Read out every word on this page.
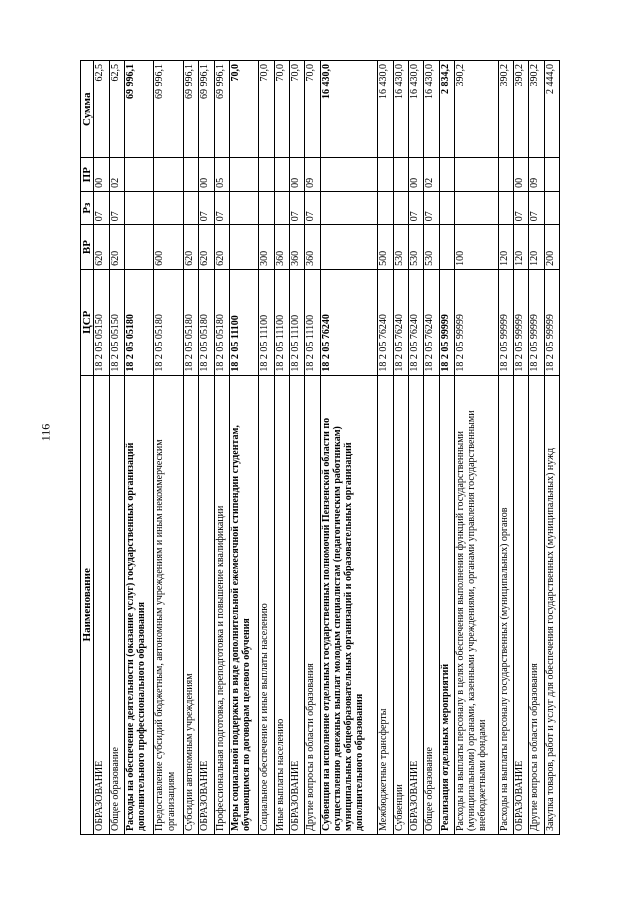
116
Наименование	ЦСР	ВР	Рз	ПР	Сумма
ОБРАЗОВАНИЕ	18 2 05 05150	620	07	00	62,5
Общее образование	18 2 05 05150	620	07	02	62,5
Расходы на обеспечение деятельности (оказание услуг) государственных организаций дополнительного профессионального образования	18 2 05 05180				69 996,1
Предоставление субсидий бюджетным, автономным учреждениям и иным некоммерческим организациям	18 2 05 05180	600			69 996,1
Субсидии автономным учреждениям	18 2 05 05180	620			69 996,1
ОБРАЗОВАНИЕ	18 2 05 05180	620	07	00	69 996,1
Профессиональная подготовка, переподготовка и повышение квалификации	18 2 05 05180	620	07	05	69 996,1
Меры социальной поддержки в виде дополнительной ежемесячной стипендии студентам, обучающимся по договорам целевого обучения	18 2 05 11100				70,0
Социальное обеспечение и иные выплаты населению	18 2 05 11100	300			70,0
Иные выплаты населению	18 2 05 11100	360			70,0
ОБРАЗОВАНИЕ	18 2 05 11100	360	07	00	70,0
Другие вопросы в области образования	18 2 05 11100	360	07	09	70,0
Субвенция на исполнение отдельных государственных полномочий Пензенской области по осуществлению денежных выплат молодым специалистам (педагогическим работникам) муниципальных общеобразовательных организаций и образовательных организаций дополнительного образования	18 2 05 76240				16 430,0
Межбюджетные трансферты	18 2 05 76240	500			16 430,0
Субвенции	18 2 05 76240	530			16 430,0
ОБРАЗОВАНИЕ	18 2 05 76240	530	07	00	16 430,0
Общее образование	18 2 05 76240	530	07	02	16 430,0
Реализация отдельных мероприятий	18 2 05 99999				2 834,2
Расходы на выплаты персоналу в целях обеспечения выполнения функций государственными (муниципальными) органами, казенными учреждениями, органами управления государственными внебюджетными фондами	18 2 05 99999	100			390,2
Расходы на выплаты персоналу государственных (муниципальных) органов	18 2 05 99999	120			390,2
ОБРАЗОВАНИЕ	18 2 05 99999	120	07	00	390,2
Другие вопросы в области образования	18 2 05 99999	120	07	09	390,2
Закупка товаров, работ и услуг для обеспечения государственных (муниципальных) нужд	18 2 05 99999	200			2 444,0
